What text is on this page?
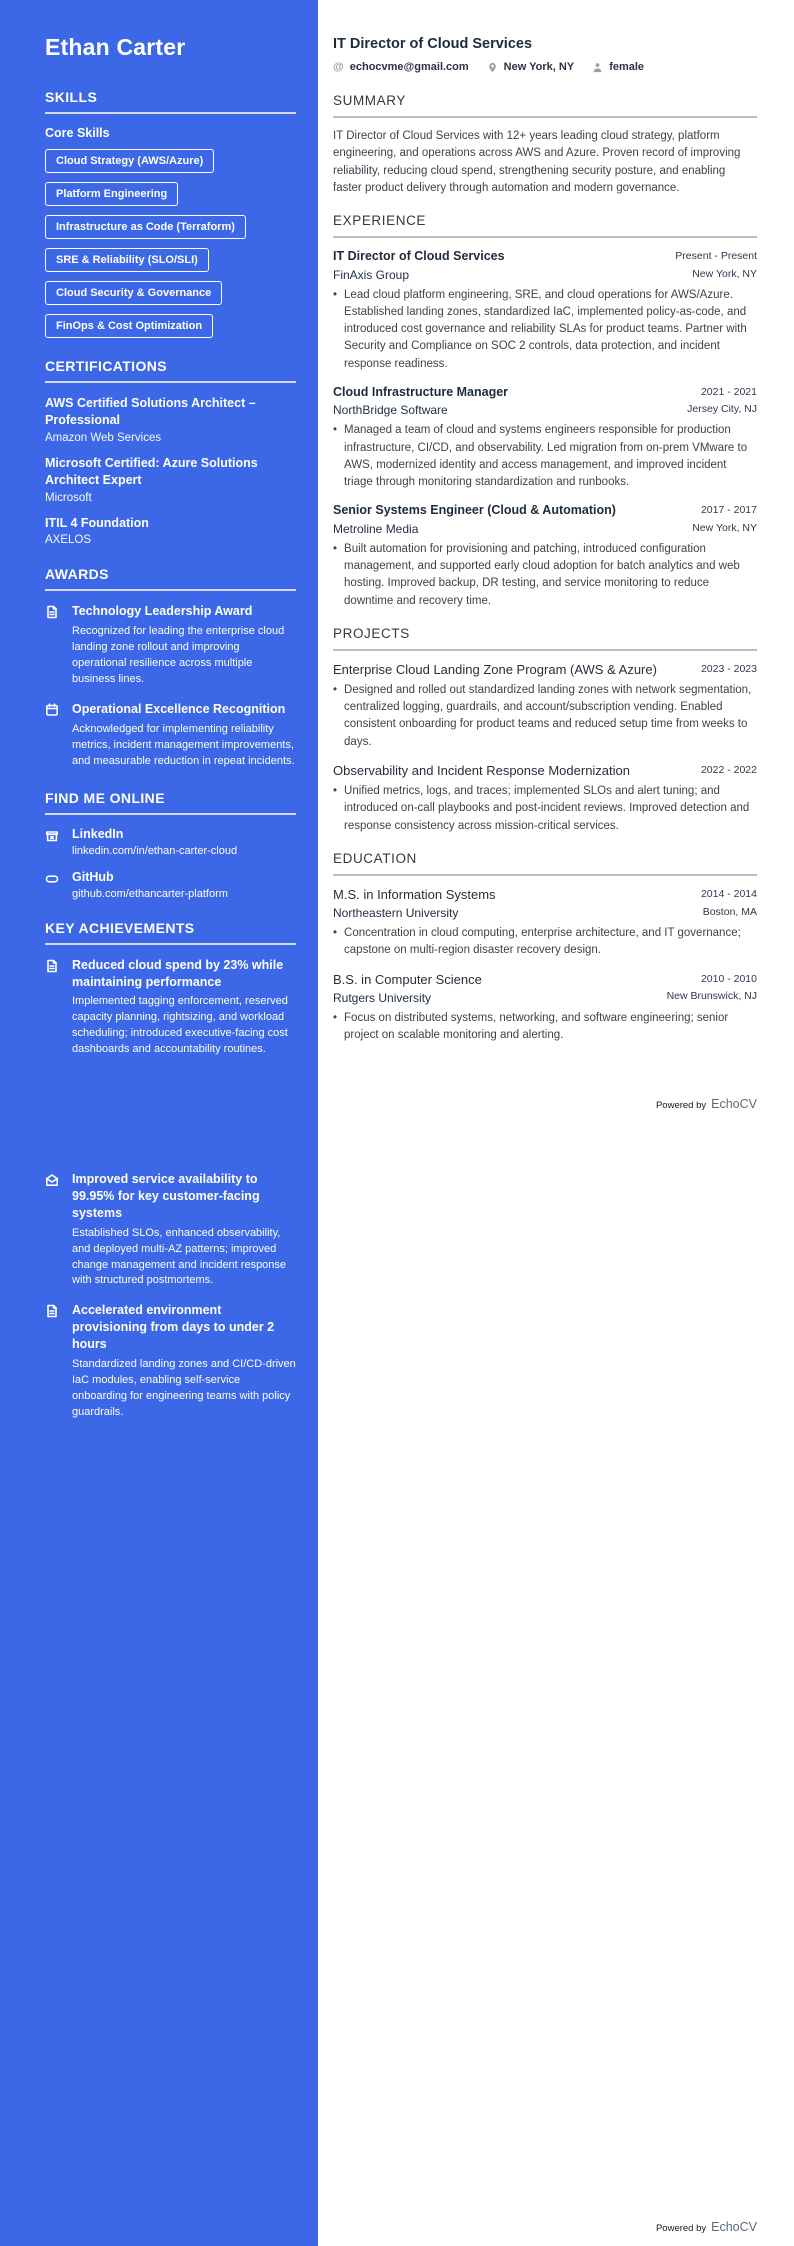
Ethan Carter
SKILLS
Core Skills
Cloud Strategy (AWS/Azure)
Platform Engineering
Infrastructure as Code (Terraform)
SRE & Reliability (SLO/SLI)
Cloud Security & Governance
FinOps & Cost Optimization
CERTIFICATIONS
AWS Certified Solutions Architect – Professional
Amazon Web Services
Microsoft Certified: Azure Solutions Architect Expert
Microsoft
ITIL 4 Foundation
AXELOS
AWARDS
Technology Leadership Award
Recognized for leading the enterprise cloud landing zone rollout and improving operational resilience across multiple business lines.
Operational Excellence Recognition
Acknowledged for implementing reliability metrics, incident management improvements, and measurable reduction in repeat incidents.
FIND ME ONLINE
LinkedIn
linkedin.com/in/ethan-carter-cloud
GitHub
github.com/ethancarter-platform
KEY ACHIEVEMENTS
Reduced cloud spend by 23% while maintaining performance
Implemented tagging enforcement, reserved capacity planning, rightsizing, and workload scheduling; introduced executive-facing cost dashboards and accountability routines.
IT Director of Cloud Services
@ echocvme@gmail.com	New York, NY	female
SUMMARY
IT Director of Cloud Services with 12+ years leading cloud strategy, platform engineering, and operations across AWS and Azure. Proven record of improving reliability, reducing cloud spend, strengthening security posture, and enabling faster product delivery through automation and modern governance.
EXPERIENCE
IT Director of Cloud Services	Present - Present
FinAxis Group	New York, NY
•
Lead cloud platform engineering, SRE, and cloud operations for AWS/Azure. Established landing zones, standardized IaC, implemented policy-as-code, and introduced cost governance and reliability SLAs for product teams. Partner with Security and Compliance on SOC 2 controls, data protection, and incident response readiness.
Cloud Infrastructure Manager	2021 - 2021
NorthBridge Software	Jersey City, NJ
•
Managed a team of cloud and systems engineers responsible for production infrastructure, CI/CD, and observability. Led migration from on-prem VMware to AWS, modernized identity and access management, and improved incident triage through monitoring standardization and runbooks.
Senior Systems Engineer (Cloud & Automation)	2017 - 2017
Metroline Media	New York, NY
•
Built automation for provisioning and patching, introduced configuration management, and supported early cloud adoption for batch analytics and web hosting. Improved backup, DR testing, and service monitoring to reduce downtime and recovery time.
PROJECTS
Enterprise Cloud Landing Zone Program (AWS & Azure)	2023 - 2023
•
Designed and rolled out standardized landing zones with network segmentation, centralized logging, guardrails, and account/subscription vending. Enabled consistent onboarding for product teams and reduced setup time from weeks to days.
Observability and Incident Response Modernization	2022 - 2022
•
Unified metrics, logs, and traces; implemented SLOs and alert tuning; and introduced on-call playbooks and post-incident reviews. Improved detection and response consistency across mission-critical services.
EDUCATION
M.S. in Information Systems	2014 - 2014
Northeastern University	Boston, MA
•
Concentration in cloud computing, enterprise architecture, and IT governance; capstone on multi-region disaster recovery design.
B.S. in Computer Science	2010 - 2010
Rutgers University	New Brunswick, NJ
•
Focus on distributed systems, networking, and software engineering; senior project on scalable monitoring and alerting.
Powered by EchoCV
Improved service availability to 99.95% for key customer-facing systems
Established SLOs, enhanced observability, and deployed multi-AZ patterns; improved change management and incident response with structured postmortems.
Accelerated environment provisioning from days to under 2 hours
Standardized landing zones and CI/CD-driven IaC modules, enabling self-service onboarding for engineering teams with policy guardrails.
Powered by EchoCV
